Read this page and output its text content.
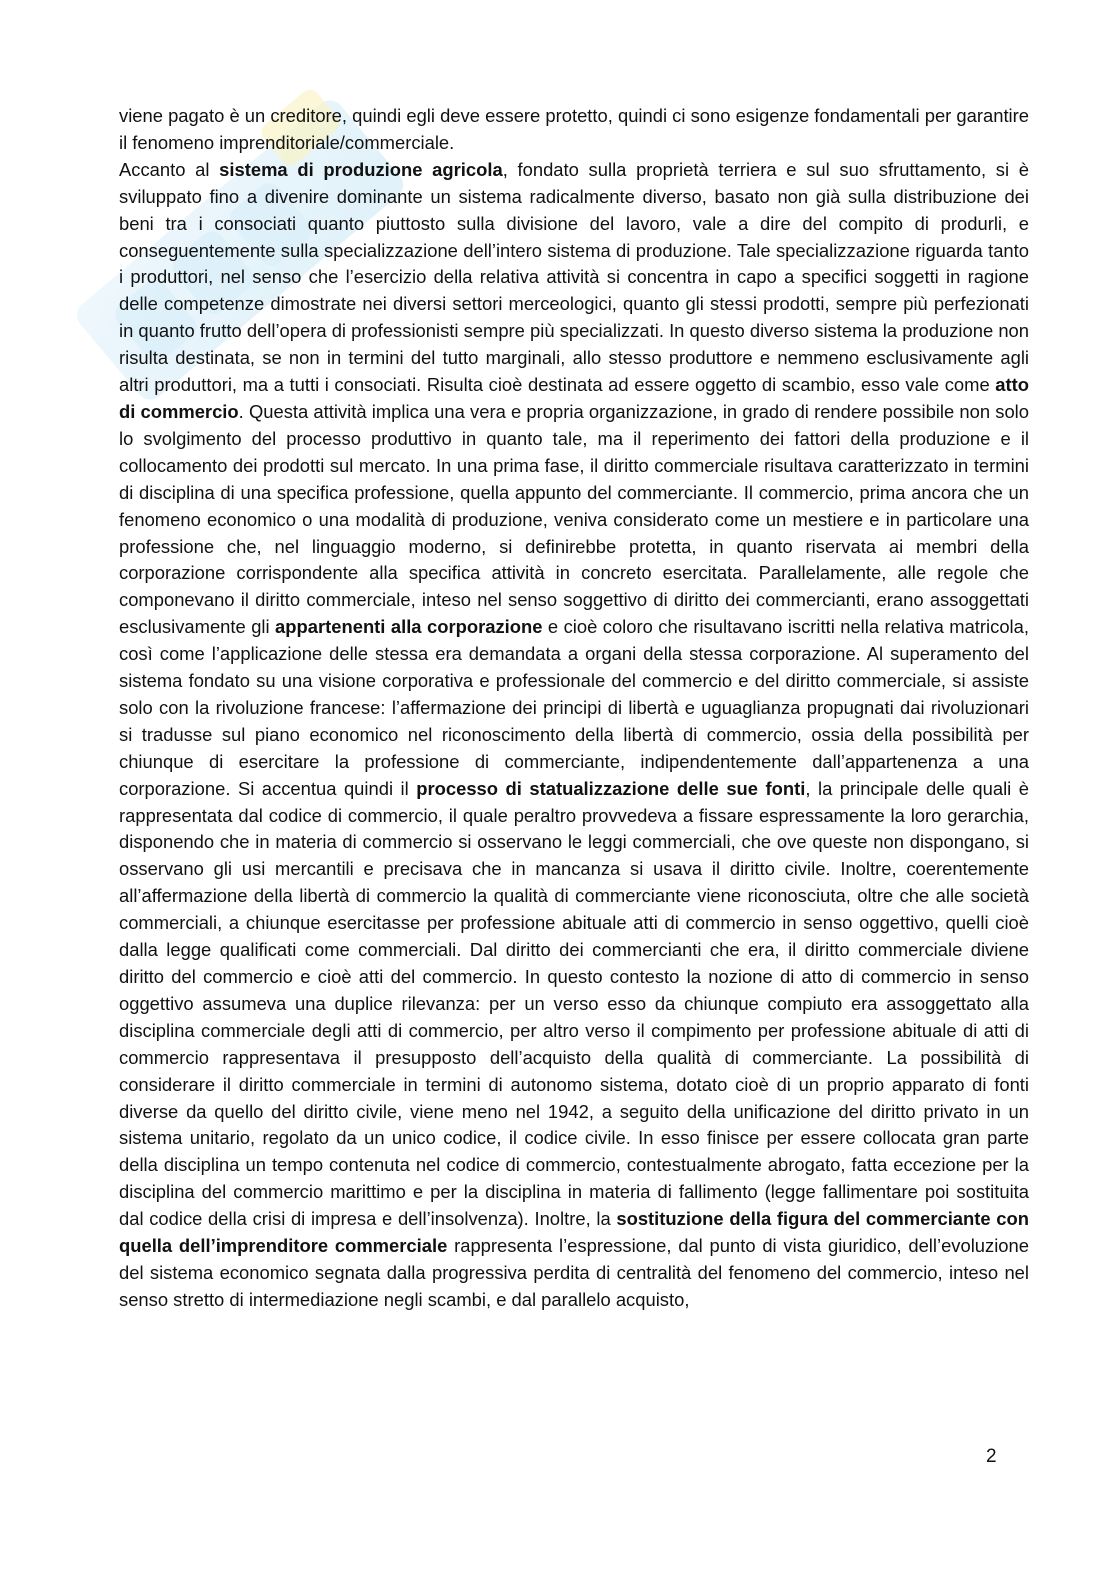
viene pagato è un creditore, quindi egli deve essere protetto, quindi ci sono esigenze fondamentali per garantire il fenomeno imprenditoriale/commerciale.

Accanto al sistema di produzione agricola, fondato sulla proprietà terriera e sul suo sfruttamento, si è sviluppato fino a divenire dominante un sistema radicalmente diverso, basato non già sulla distribuzione dei beni tra i consociati quanto piuttosto sulla divisione del lavoro, vale a dire del compito di produrli, e conseguentemente sulla specializzazione dell’intero sistema di produzione. Tale specializzazione riguarda tanto i produttori, nel senso che l’esercizio della relativa attività si concentra in capo a specifici soggetti in ragione delle competenze dimostrate nei diversi settori merceologici, quanto gli stessi prodotti, sempre più perfezionati in quanto frutto dell’opera di professionisti sempre più specializzati. In questo diverso sistema la produzione non risulta destinata, se non in termini del tutto marginali, allo stesso produttore e nemmeno esclusivamente agli altri produttori, ma a tutti i consociati. Risulta cioè destinata ad essere oggetto di scambio, esso vale come atto di commercio. Questa attività implica una vera e propria organizzazione, in grado di rendere possibile non solo lo svolgimento del processo produttivo in quanto tale, ma il reperimento dei fattori della produzione e il collocamento dei prodotti sul mercato. In una prima fase, il diritto commerciale risultava caratterizzato in termini di disciplina di una specifica professione, quella appunto del commerciante. Il commercio, prima ancora che un fenomeno economico o una modalità di produzione, veniva considerato come un mestiere e in particolare una professione che, nel linguaggio moderno, si definirebbe protetta, in quanto riservata ai membri della corporazione corrispondente alla specifica attività in concreto esercitata. Parallelamente, alle regole che componevano il diritto commerciale, inteso nel senso soggettivo di diritto dei commercianti, erano assoggettati esclusivamente gli appartenenti alla corporazione e cioè coloro che risultavano iscritti nella relativa matricola, così come l’applicazione delle stessa era demandata a organi della stessa corporazione. Al superamento del sistema fondato su una visione corporativa e professionale del commercio e del diritto commerciale, si assiste solo con la rivoluzione francese: l’affermazione dei principi di libertà e uguaglianza propugnati dai rivoluzionari si tradusse sul piano economico nel riconoscimento della libertà di commercio, ossia della possibilità per chiunque di esercitare la professione di commerciante, indipendentemente dall’appartenenza a una corporazione. Si accentua quindi il processo di statualizzazione delle sue fonti, la principale delle quali è rappresentata dal codice di commercio, il quale peraltro provvedeva a fissare espressamente la loro gerarchia, disponendo che in materia di commercio si osservano le leggi commerciali, che ove queste non dispongano, si osservano gli usi mercantili e precisava che in mancanza si usava il diritto civile. Inoltre, coerentemente all’affermazione della libertà di commercio la qualità di commerciante viene riconosciuta, oltre che alle società commerciali, a chiunque esercitasse per professione abituale atti di commercio in senso oggettivo, quelli cioè dalla legge qualificati come commerciali. Dal diritto dei commercianti che era, il diritto commerciale diviene diritto del commercio e cioè atti del commercio. In questo contesto la nozione di atto di commercio in senso oggettivo assumeva una duplice rilevanza: per un verso esso da chiunque compiuto era assoggettato alla disciplina commerciale degli atti di commercio, per altro verso il compimento per professione abituale di atti di commercio rappresentava il presupposto dell’acquisto della qualità di commerciante. La possibilità di considerare il diritto commerciale in termini di autonomo sistema, dotato cioè di un proprio apparato di fonti diverse da quello del diritto civile, viene meno nel 1942, a seguito della unificazione del diritto privato in un sistema unitario, regolato da un unico codice, il codice civile. In esso finisce per essere collocata gran parte della disciplina un tempo contenuta nel codice di commercio, contestualmente abrogato, fatta eccezione per la disciplina del commercio marittimo e per la disciplina in materia di fallimento (legge fallimentare poi sostituita dal codice della crisi di impresa e dell’insolvenza). Inoltre, la sostituzione della figura del commerciante con quella dell’imprenditore commerciale rappresenta l’espressione, dal punto di vista giuridico, dell’evoluzione del sistema economico segnata dalla progressiva perdita di centralità del fenomeno del commercio, inteso nel senso stretto di intermediazione negli scambi, e dal parallelo acquisto,

2
